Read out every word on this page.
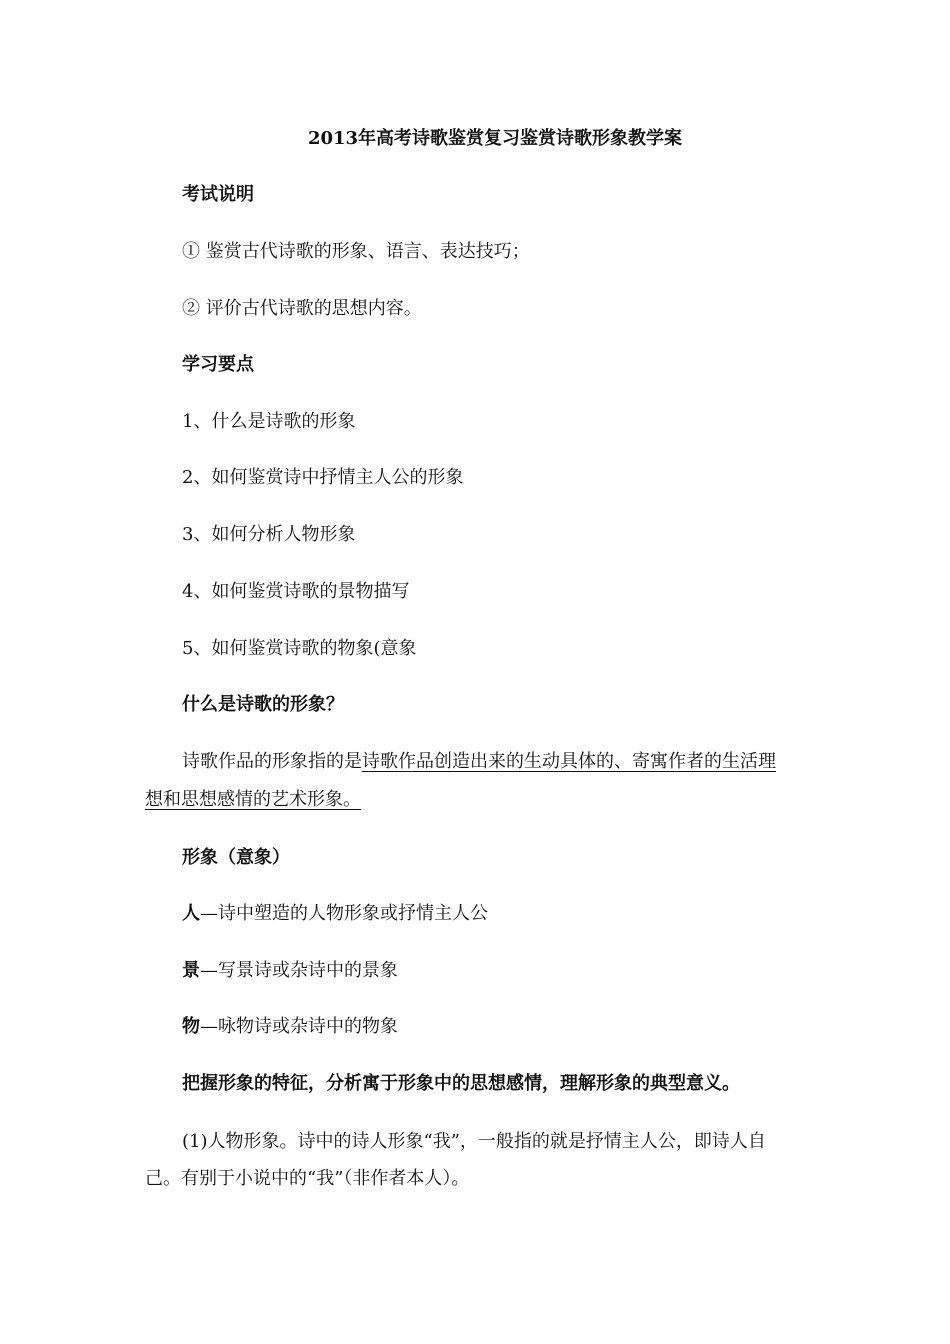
2013年高考诗歌鉴赏复习鉴赏诗歌形象教学案
考试说明
① 鉴赏古代诗歌的形象、语言、表达技巧；
② 评价古代诗歌的思想内容。
学习要点
1、什么是诗歌的形象
2、如何鉴赏诗中抒情主人公的形象
3、如何分析人物形象
4、如何鉴赏诗歌的景物描写
5、如何鉴赏诗歌的物象(意象
什么是诗歌的形象？
诗歌作品的形象指的是诗歌作品创造出来的生动具体的、寄寓作者的生活理
想和思想感情的艺术形象。
形象（意象）
人—诗中塑造的人物形象或抒情主人公
景—写景诗或杂诗中的景象
物—咏物诗或杂诗中的物象
把握形象的特征，分析寓于形象中的思想感情，理解形象的典型意义。
(1)人物形象。诗中的诗人形象“我”，一般指的就是抒情主人公，即诗人自
己。有别于小说中的“我”（非作者本人）。
